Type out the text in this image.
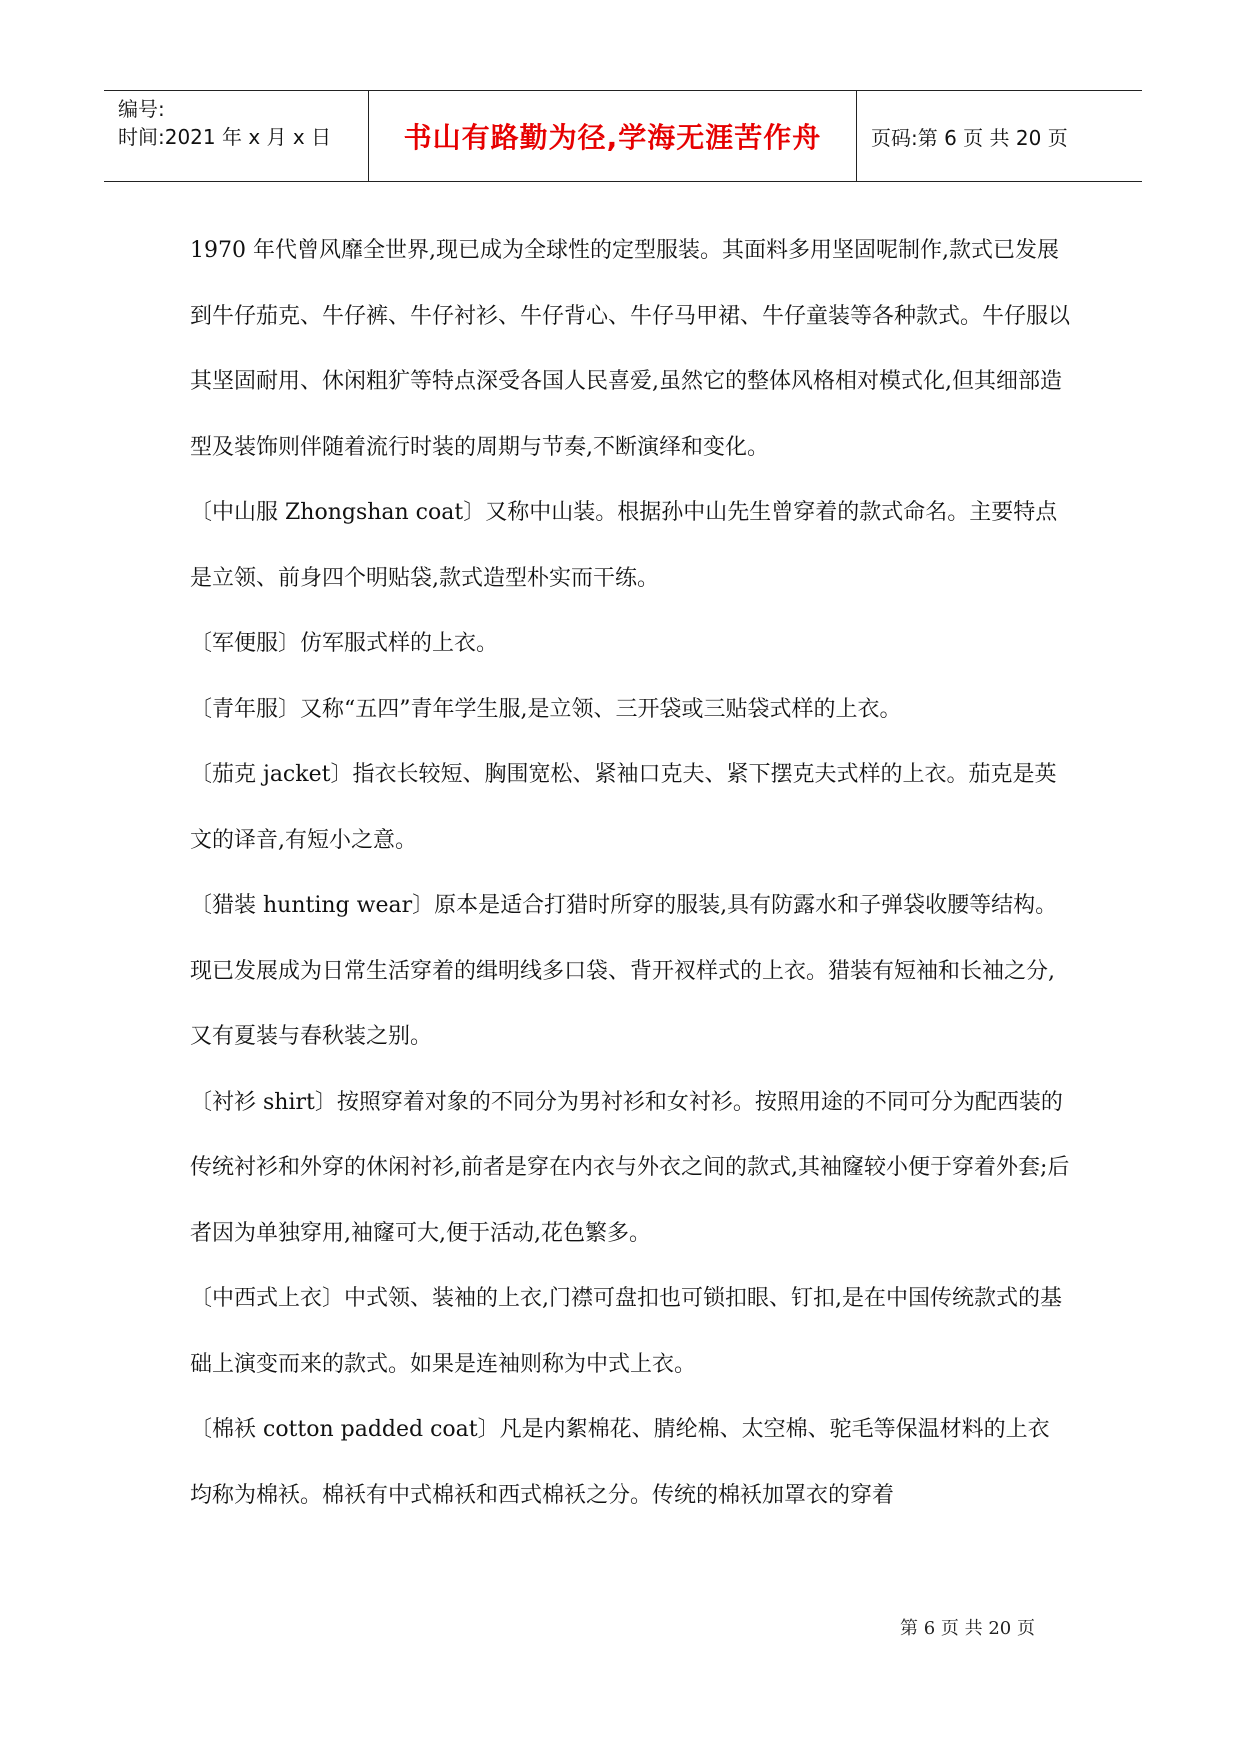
编号:
时间:2021 年 x 月 x 日	书山有路勤为径,学海无涯苦作舟 页码:第 6 页 共 20 页

1970 年代曾风靡全世界,现已成为全球性的定型服装。其面料多用坚固呢制作,款式已发展到牛仔茄克、牛仔裤、牛仔衬衫、牛仔背心、牛仔马甲裙、牛仔童装等各种款式。牛仔服以其坚固耐用、休闲粗犷等特点深受各国人民喜爱,虽然它的整体风格相对模式化,但其细部造型及装饰则伴随着流行时装的周期与节奏,不断演绎和变化。

〔中山服 Zhongshan coat〕又称中山装。根据孙中山先生曾穿着的款式命名。主要特点是立领、前身四个明贴袋,款式造型朴实而干练。

〔军便服〕仿军服式样的上衣。

〔青年服〕又称“五四”青年学生服,是立领、三开袋或三贴袋式样的上衣。

〔茄克 jacket〕指衣长较短、胸围宽松、紧袖口克夫、紧下摆克夫式样的上衣。茄克是英文的译音,有短小之意。

〔猎装 hunting wear〕原本是适合打猎时所穿的服装,具有防露水和子弹袋收腰等结构。现已发展成为日常生活穿着的缉明线多口袋、背开衩样式的上衣。猎装有短袖和长袖之分,又有夏装与春秋装之别。

〔衬衫 shirt〕按照穿着对象的不同分为男衬衫和女衬衫。按照用途的不同可分为配西装的传统衬衫和外穿的休闲衬衫,前者是穿在内衣与外衣之间的款式,其袖窿较小便于穿着外套;后者因为单独穿用,袖窿可大,便于活动,花色繁多。

〔中西式上衣〕中式领、装袖的上衣,门襟可盘扣也可锁扣眼、钉扣,是在中国传统款式的基础上演变而来的款式。如果是连袖则称为中式上衣。

〔棉袄 cotton padded coat〕凡是内絮棉花、腈纶棉、太空棉、驼毛等保温材料的上衣均称为棉袄。棉袄有中式棉袄和西式棉袄之分。传统的棉袄加罩衣的穿着

第 6 页 共 20 页
